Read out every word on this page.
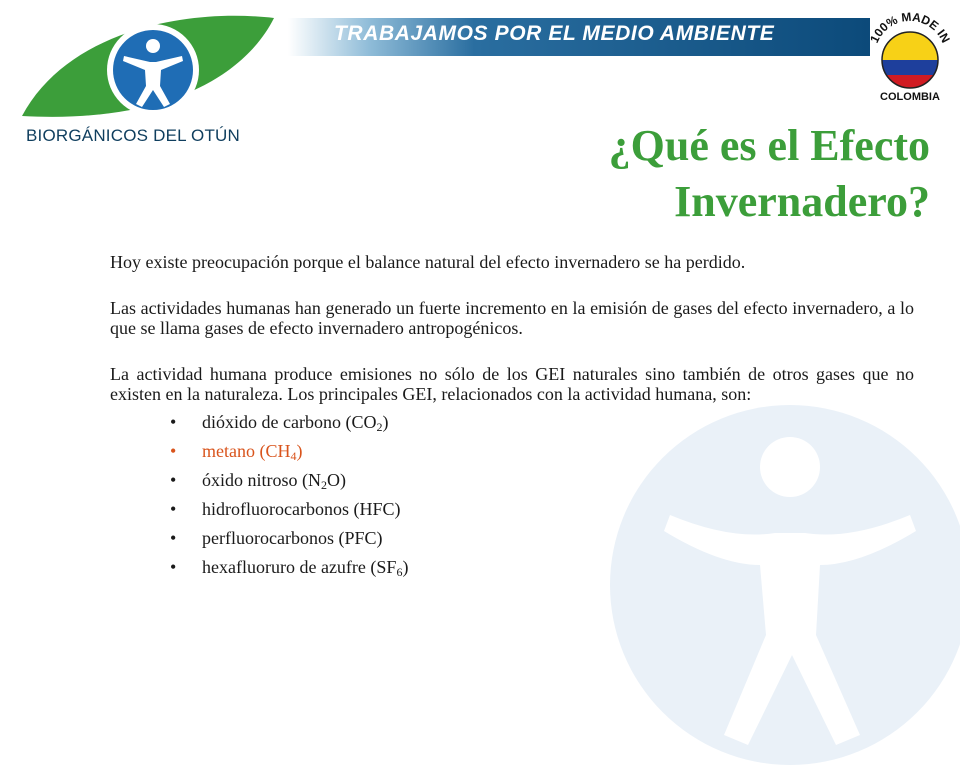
BIORGÁNICOS DEL OTÚN
TRABAJAMOS POR EL MEDIO AMBIENTE	100% MADE IN
COLOMBIA
¿Qué es el Efecto
Invernadero?

Hoy existe preocupación porque el balance natural del efecto invernadero se ha perdido.

Las actividades humanas han generado un fuerte incremento en la emisión de gases del efecto invernadero, a lo que se llama gases de efecto invernadero antropogénicos.

La actividad humana produce emisiones no sólo de los GEI naturales sino también de otros gases que no existen en la naturaleza. Los principales GEI, relacionados con la actividad humana, son:

• dióxido de carbono $(CO_2)$
• metano $(CH_4)$
• óxido nitroso $(N_2O)$
• hidrofluorocarbonos (HFC)
• perfluorocarbonos (PFC)
• hexafluoruro de azufre $(SF_6)$
